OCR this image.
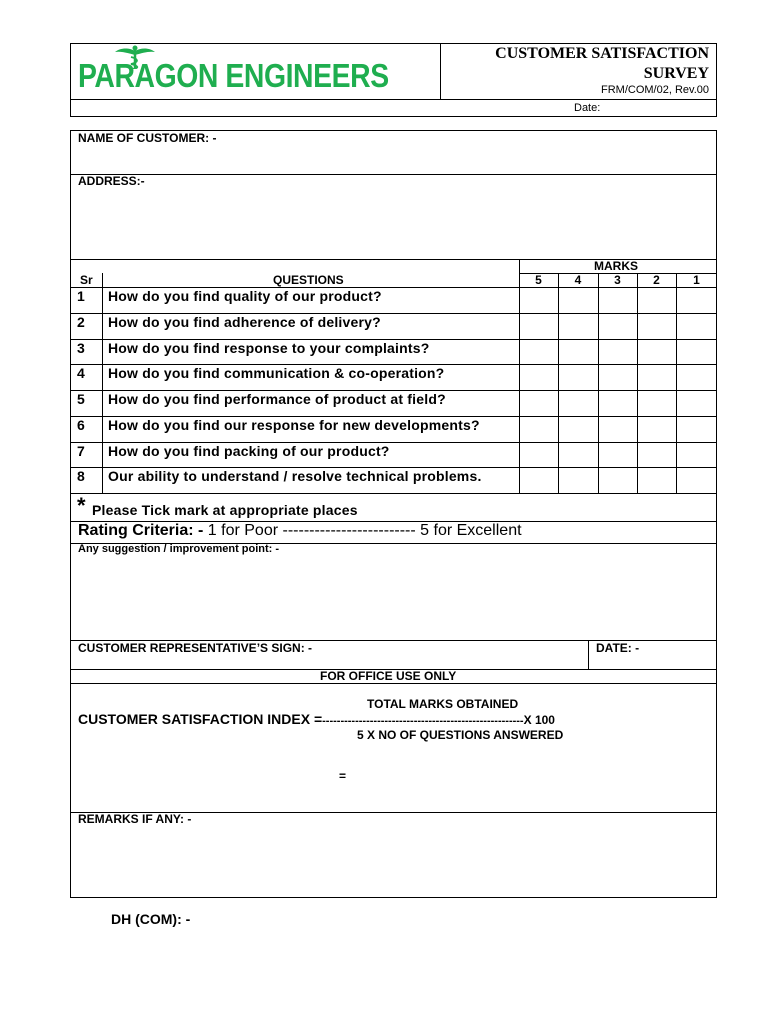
PARAGON ENGINEERS
CUSTOMER SATISFACTION
SURVEY
FRM/COM/02, Rev.00
Date:
NAME OF CUSTOMER: -
ADDRESS:-
MARKS
Sr	QUESTIONS	5	4	3	2	1
1 How do you find quality of our product?
2 How do you find adherence of delivery?
3 How do you find response to your complaints?
4 How do you find communication & co-operation?
5 How do you find performance of product at field?
6 How do you find our response for new developments?
7 How do you find packing of our product?
8 Our ability to understand / resolve technical problems.
* Please Tick mark at appropriate places
Rating Criteria: - 1 for Poor ------------------------- 5 for Excellent
Any suggestion / improvement point: -
CUSTOMER REPRESENTATIVE’S SIGN: -	DATE: -
FOR OFFICE USE ONLY
TOTAL MARKS OBTAINED
CUSTOMER SATISFACTION INDEX =-------------------------------------------------------X 100
5 X NO OF QUESTIONS ANSWERED
=
REMARKS IF ANY: -
DH (COM): -
